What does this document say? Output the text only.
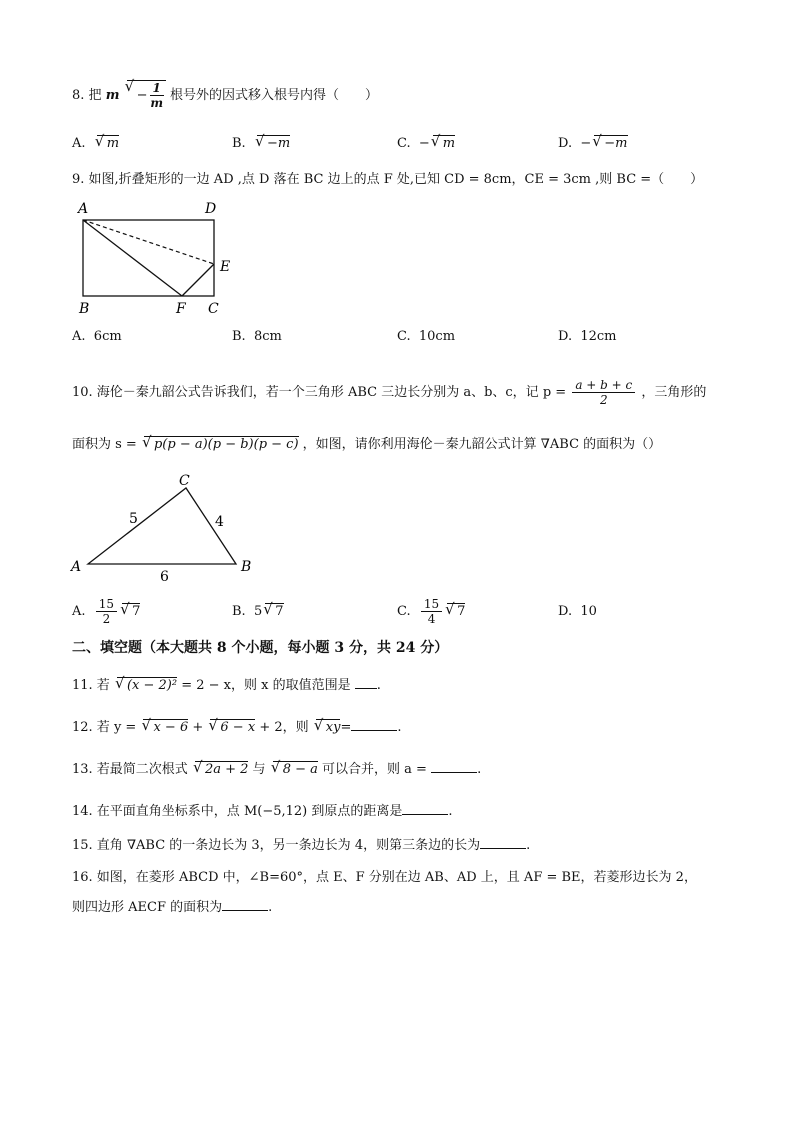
8. 把 m √ − $\frac{1}{m}$ 根号外的因式移入根号内得（　　）
A. √ m	B. √ −m	C. − √ m	D. − √ −m
9. 如图,折叠矩形的一边 AD ,点 D 落在 BC 边上的点 F 处,已知 CD = 8cm，CE = 3cm ,则 BC =（　　）
A	D
E
B	F C
A. 6cm	B. 8cm	C. 10cm	D. 12cm
10. 海伦－秦九韶公式告诉我们，若一个三角形 ABC 三边长分别为 a、b、c，记 $p = \frac{a + b + c}{2}$ ，三角形的
面积为 s = √ p(p − a)(p − b)(p − c) ，如图，请你利用海伦－秦九韶公式计算 ∇ABC 的面积为（）
C
A	B
5	4
6
A. $\frac{15}{2}$ √ 7	B. 5 √ 7	C. $\frac{15}{4}$ √ 7	D. 10
二、填空题（本大题共 8 个小题，每小题 3 分，共 24 分）
11. 若 √ (x − 2)² = 2 − x，则 x 的取值范围是 .
12. 若 y = √ x − 6 + √ 6 − x + 2，则 √ xy=	.
13. 若最简二次根式 √ 2a + 2 与 √ 8 − a 可以合并，则 a =	.
14. 在平面直角坐标系中，点 M(−5,12) 到原点的距离是	.
15. 直角 ∇ABC 的一条边长为 3，另一条边长为 4，则第三条边的长为	.
16. 如图，在菱形 ABCD 中，∠B=60°，点 E、F 分别在边 AB、AD 上，且 AF = BE，若菱形边长为 2，
则四边形 AECF 的面积为	.
